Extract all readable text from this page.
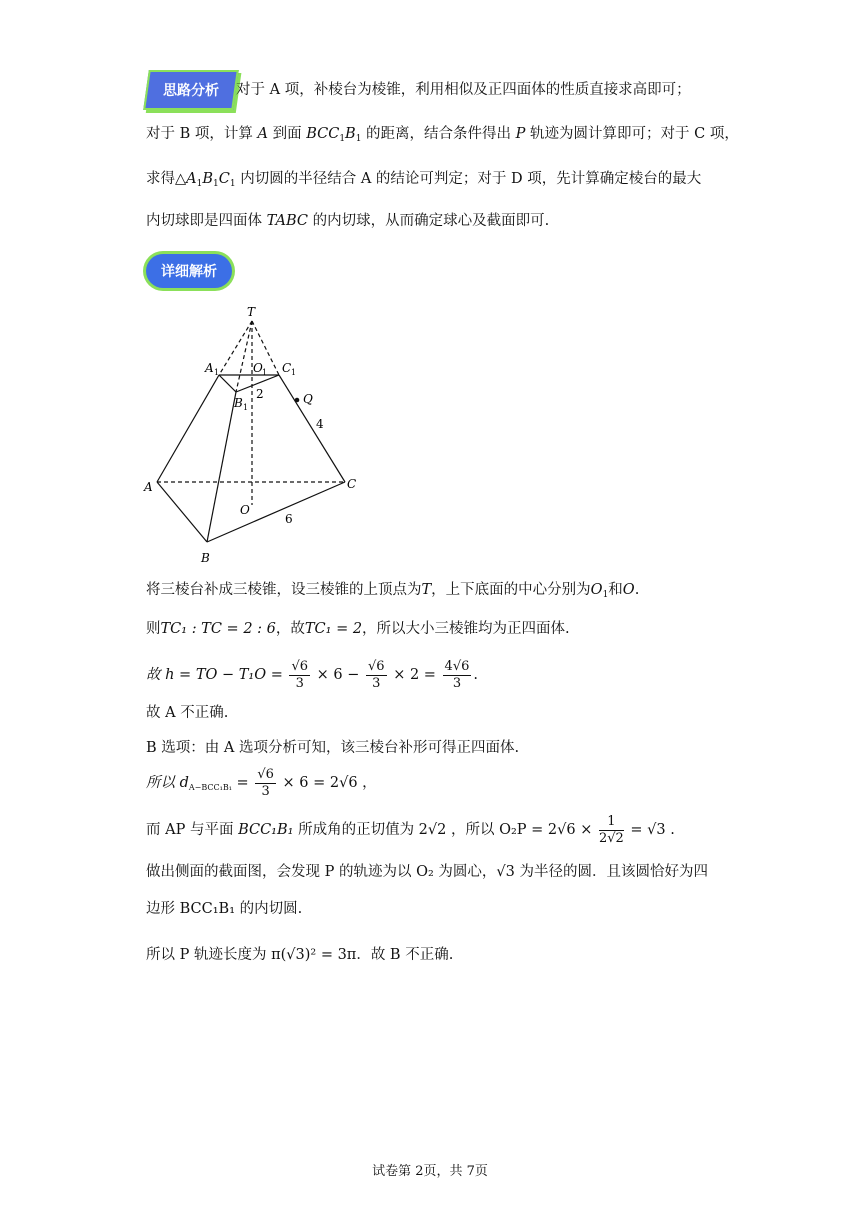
思路分析 对于 A 项，补棱台为棱锥，利用相似及正四面体的性质直接求高即可；
对于 B 项，计算 A 到面 $BCC_1B_1$ 的距离，结合条件得出 P 轨迹为圆计算即可；对于 C 项，
求得$\triangle A_1B_1C_1$ 内切圆的半径结合 A 的结论可判定；对于 D 项，先计算确定棱台的最大
内切球即是四面体 TABC 的内切球，从而确定球心及截面即可.
详细解析
T
A 1	O 1 C 1
B 1
2	Q
4
A	C
O
6
B
将三棱台补成三棱锥，设三棱锥的上顶点为T，上下底面的中心分别为$O_1$和O.
则TC₁ : TC = 2 : 6，故TC₁ = 2，所以大小三棱锥均为正四面体.
故 h = TO − $T_1O = \frac{√6}{3} \times 6 - \frac{√6}{3} \times 2 = \frac{4√6}{3}$ .
故 A 不正确.
B 选项：由 A 选项分析可知，该三棱台补形可得正四面体.
所以 $d_{A-BCC_1B_1} = \frac{√6}{3} \times 6 = 2√6$ ，
而 AP 与平面 BCC₁B₁ 所成角的正切值为 2√2 ，所以 $O_2P = 2√6 \times \frac{1}{2√2} = √3$ .
做出侧面的截面图，会发现 P 的轨迹为以 O₂ 为圆心，√3 为半径的圆．且该圆恰好为四
边形 BCC₁B₁ 的内切圆.
所以 P 轨迹长度为 π(√3)² = 3π．故 B 不正确.
试卷第 2页，共 7页
